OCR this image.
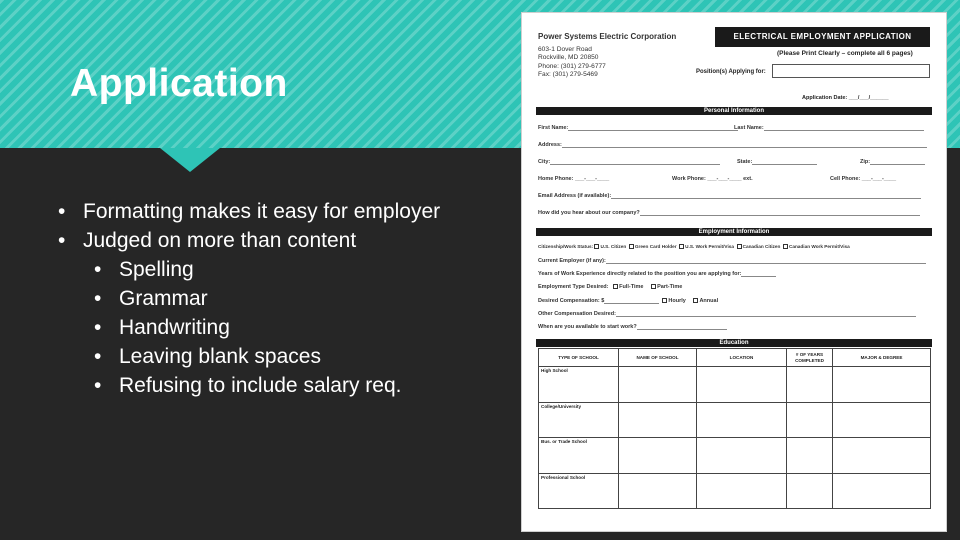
Application
• Formatting makes it easy for employer
• Judged on more than content
• Spelling
• Grammar
• Handwriting
• Leaving blank spaces
• Refusing to include salary req.
Power Systems Electric Corporation
603-1 Dover Road
Rockville, MD 20850
Phone: (301) 279-6777
Fax: (301) 279-5469
ELECTRICAL EMPLOYMENT APPLICATION
(Please Print Clearly – complete all 6 pages)
Position(s) Applying for:
Application Date: ___/___/______
Personal Information
First Name:	Last Name:
Address:
City:	State:	Zip:
Home Phone: ___-___-____	Work Phone: ___-___-____ ext.	Cell Phone: ___-___-____
Email Address (if available):
How did you hear about our company?
Employment Information
Citizenship/Work Status: U.S. Citizen Green Card Holder U.S. Work Permit/Visa Canadian Citizen Canadian Work Permit/Visa
Current Employer (if any):
Years of Work Experience directly related to the position you are applying for:
Employment Type Desired: Full-Time Part-Time
Desired Compensation: $	Hourly Annual
Other Compensation Desired:
When are you available to start work?
Education
TYPE OF SCHOOL	NAME OF SCHOOL	LOCATION	# OF YEARS COMPLETED	MAJOR & DEGREE
High School				
College/University				
Bus. or Trade School				
Professional School				
